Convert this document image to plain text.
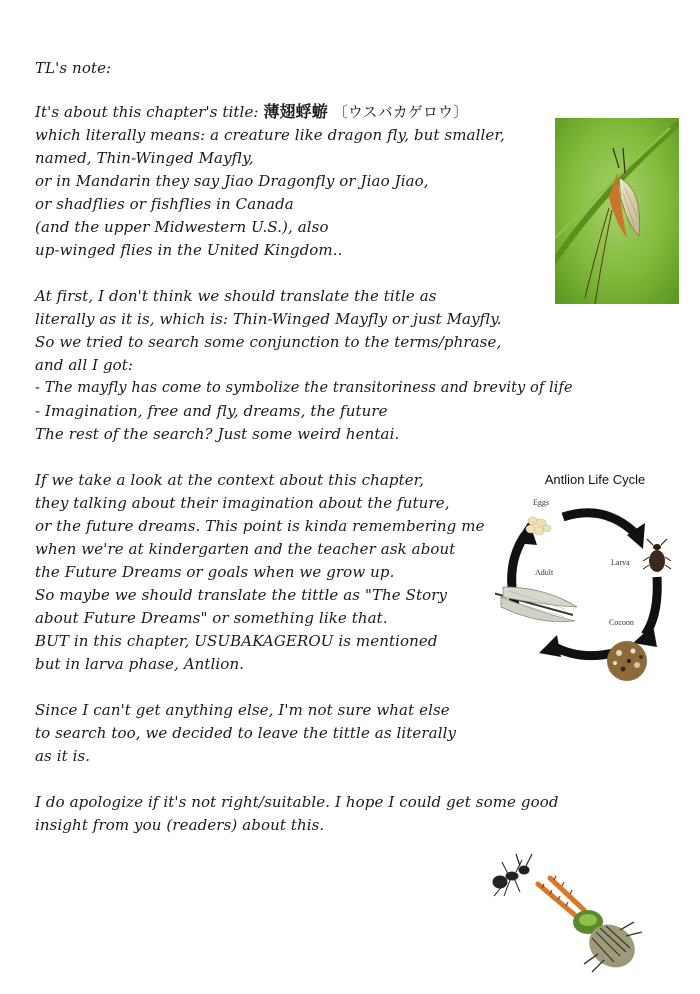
TL's note:
It's about this chapter's title: 薄翅蜉蝣 〔ウスバカゲロウ〕
which literally means: a creature like dragon fly, but smaller,
named, Thin-Winged Mayfly,
or in Mandarin they say Jiao Dragonfly or Jiao Jiao,
or shadflies or fishflies in Canada
(and the upper Midwestern U.S.), also
up-winged flies in the United Kingdom..
At first, I don't think we should translate the title as
literally as it is, which is: Thin-Winged Mayfly or just Mayfly.
So we tried to search some conjunction to the terms/phrase,
and all I got:
- The mayfly has come to symbolize the transitoriness and brevity of life
- Imagination, free and fly, dreams, the future
The rest of the search? Just some weird hentai.
If we take a look at the context about this chapter,
they talking about their imagination about the future,
or the future dreams. This point is kinda remembering me
when we're at kindergarten and the teacher ask about
the Future Dreams or goals when we grow up.
So maybe we should translate the tittle as "The Story
about Future Dreams" or something like that.
BUT in this chapter, USUBAKAGEROU is mentioned
but in larva phase, Antlion.
Since I can't get anything else, I'm not sure what else
to search too, we decided to leave the tittle as literally
as it is.
I do apologize if it's not right/suitable. I hope I could get some good
insight from you (readers) about this.
Antlion Life Cycle
Eggs
Larva
Cocoon
Adult
